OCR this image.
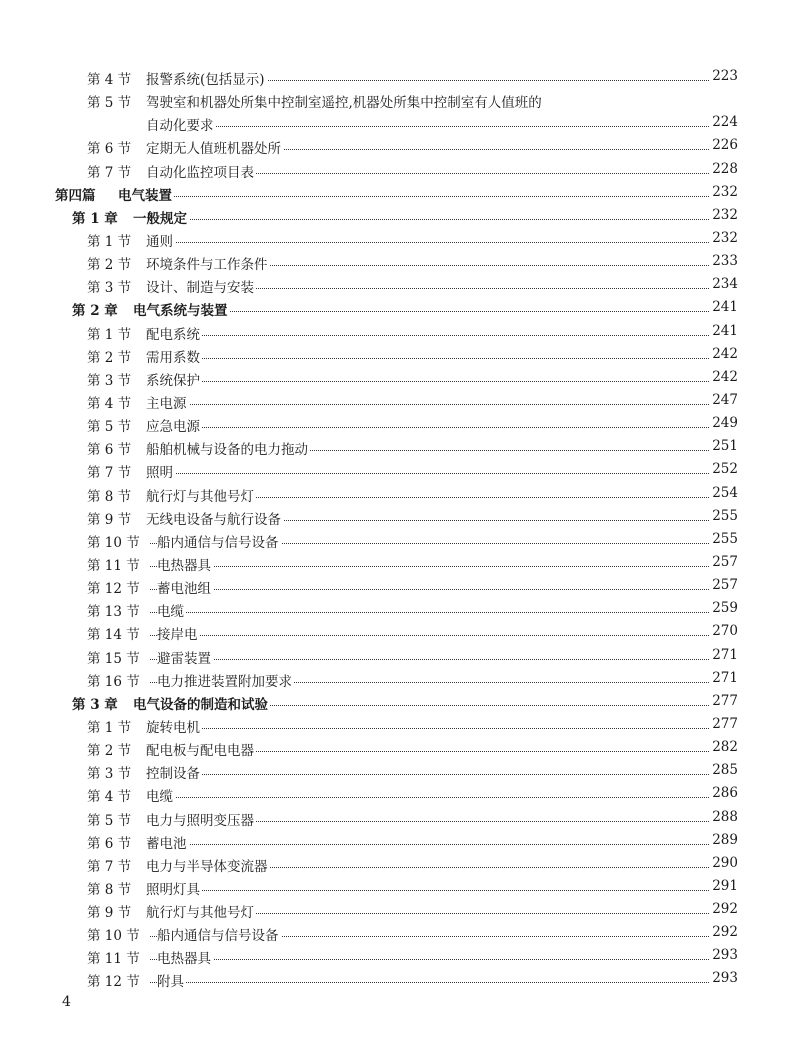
第 4 节 报警系统(包括显示)	223
第 5 节 驾驶室和机器处所集中控制室遥控,机器处所集中控制室有人值班的
自动化要求	224
第 6 节 定期无人值班机器处所	226
第 7 节 自动化监控项目表	228
第四篇 电气装置	232
第 1 章 一般规定	232
第 1 节 通则	232
第 2 节 环境条件与工作条件	233
第 3 节 设计、制造与安装	234
第 2 章 电气系统与装置	241
第 1 节 配电系统	241
第 2 节 需用系数	242
第 3 节 系统保护	242
第 4 节 主电源	247
第 5 节 应急电源	249
第 6 节 船舶机械与设备的电力拖动	251
第 7 节 照明	252
第 8 节 航行灯与其他号灯	254
第 9 节 无线电设备与航行设备	255
第 10 节 船内通信与信号设备	255
第 11 节 电热器具	257
第 12 节 蓄电池组	257
第 13 节 电缆	259
第 14 节 接岸电	270
第 15 节 避雷装置	271
第 16 节 电力推进装置附加要求	271
第 3 章 电气设备的制造和试验	277
第 1 节 旋转电机	277
第 2 节 配电板与配电电器	282
第 3 节 控制设备	285
第 4 节 电缆	286
第 5 节 电力与照明变压器	288
第 6 节 蓄电池	289
第 7 节 电力与半导体变流器	290
第 8 节 照明灯具	291
第 9 节 航行灯与其他号灯	292
第 10 节 船内通信与信号设备	292
第 11 节 电热器具	293
第 12 节 附具	293
4
